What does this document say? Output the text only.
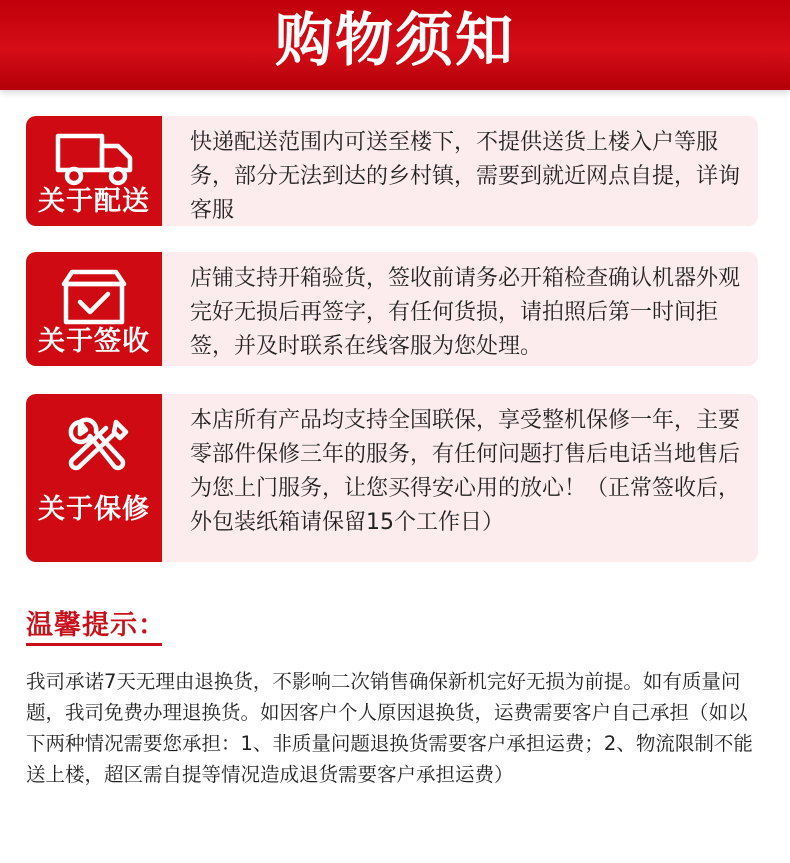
购物须知
关于配送
快递配送范围内可送至楼下，不提供送货上楼入户等服务，部分无法到达的乡村镇，需要到就近网点自提，详询客服
关于签收
店铺支持开箱验货，签收前请务必开箱检查确认机器外观完好无损后再签字，有任何货损，请拍照后第一时间拒签，并及时联系在线客服为您处理。
关于保修
本店所有产品均支持全国联保，享受整机保修一年，主要零部件保修三年的服务，有任何问题打售后电话当地售后为您上门服务，让您买得安心用的放心！（正常签收后，外包装纸箱请保留15个工作日）
温馨提示：
我司承诺7天无理由退换货，不影响二次销售确保新机完好无损为前提。如有质量问题，我司免费办理退换货。如因客户个人原因退换货，运费需要客户自己承担（如以下两种情况需要您承担：1、非质量问题退换货需要客户承担运费；2、物流限制不能送上楼，超区需自提等情况造成退货需要客户承担运费）
